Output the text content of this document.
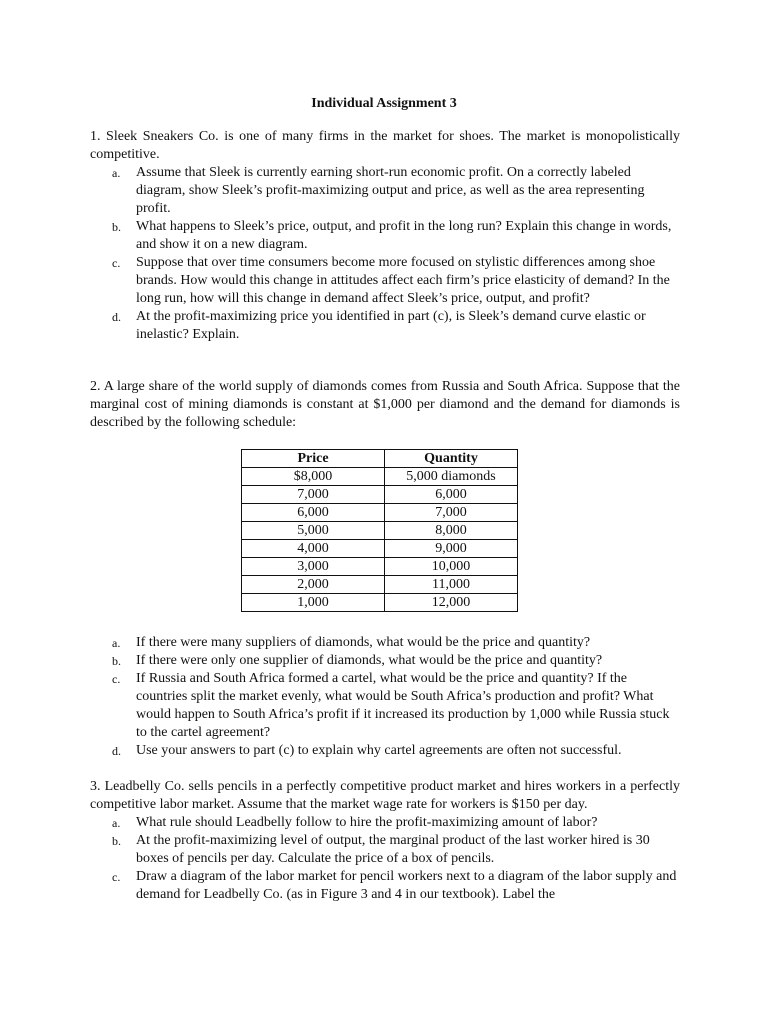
Individual Assignment 3

1. Sleek Sneakers Co. is one of many firms in the market for shoes. The market is monopolistically competitive.

a. Assume that Sleek is currently earning short-run economic profit. On a correctly labeled diagram, show Sleek’s profit-maximizing output and price, as well as the area representing profit.
b. What happens to Sleek’s price, output, and profit in the long run? Explain this change in words, and show it on a new diagram.
c. Suppose that over time consumers become more focused on stylistic differences among shoe brands. How would this change in attitudes affect each firm’s price elasticity of demand? In the long run, how will this change in demand affect Sleek’s price, output, and profit?
d. At the profit-maximizing price you identified in part (c), is Sleek’s demand curve elastic or inelastic? Explain.

2. A large share of the world supply of diamonds comes from Russia and South Africa. Suppose that the marginal cost of mining diamonds is constant at $1,000 per diamond and the demand for diamonds is described by the following schedule:

Price	Quantity
$8,000	5,000 diamonds
7,000	6,000
6,000	7,000
5,000	8,000
4,000	9,000
3,000	10,000
2,000	11,000
1,000	12,000
a. If there were many suppliers of diamonds, what would be the price and quantity?
b. If there were only one supplier of diamonds, what would be the price and quantity?
c. If Russia and South Africa formed a cartel, what would be the price and quantity? If the countries split the market evenly, what would be South Africa’s production and profit? What would happen to South Africa’s profit if it increased its production by 1,000 while Russia stuck to the cartel agreement?
d. Use your answers to part (c) to explain why cartel agreements are often not successful.

3. Leadbelly Co. sells pencils in a perfectly competitive product market and hires workers in a perfectly competitive labor market. Assume that the market wage rate for workers is $150 per day.

a. What rule should Leadbelly follow to hire the profit-maximizing amount of labor?
b. At the profit-maximizing level of output, the marginal product of the last worker hired is 30 boxes of pencils per day. Calculate the price of a box of pencils.
c. Draw a diagram of the labor market for pencil workers next to a diagram of the labor supply and demand for Leadbelly Co. (as in Figure 3 and 4 in our textbook). Label the
